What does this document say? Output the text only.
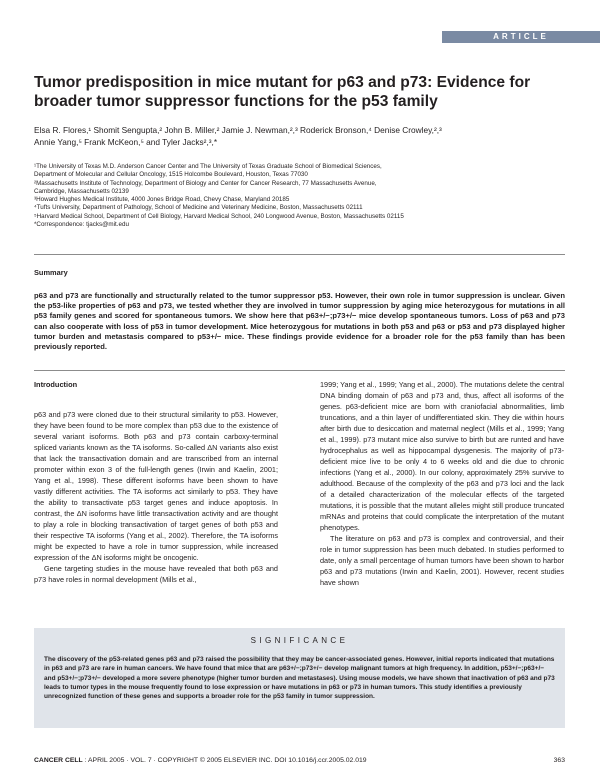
ARTICLE
Tumor predisposition in mice mutant for p63 and p73: Evidence for broader tumor suppressor functions for the p53 family
Elsa R. Flores,¹ Shomit Sengupta,² John B. Miller,² Jamie J. Newman,²,³ Roderick Bronson,⁴ Denise Crowley,²,³
Annie Yang,⁵ Frank McKeon,⁵ and Tyler Jacks²,³,*
¹The University of Texas M.D. Anderson Cancer Center and The University of Texas Graduate School of Biomedical Sciences,
Department of Molecular and Cellular Oncology, 1515 Holcombe Boulevard, Houston, Texas 77030
²Massachusetts Institute of Technology, Department of Biology and Center for Cancer Research, 77 Massachusetts Avenue,
Cambridge, Massachusetts 02139
³Howard Hughes Medical Institute, 4000 Jones Bridge Road, Chevy Chase, Maryland 20185
⁴Tufts University, Department of Pathology, School of Medicine and Veterinary Medicine, Boston, Massachusetts 02111
⁵Harvard Medical School, Department of Cell Biology, Harvard Medical School, 240 Longwood Avenue, Boston, Massachusetts 02115
*Correspondence: tjacks@mit.edu
Summary
p63 and p73 are functionally and structurally related to the tumor suppressor p53. However, their own role in tumor suppression is unclear. Given the p53-like properties of p63 and p73, we tested whether they are involved in tumor suppression by aging mice heterozygous for mutations in all p53 family genes and scored for spontaneous tumors. We show here that p63+/−;p73+/− mice develop spontaneous tumors. Loss of p63 and p73 can also cooperate with loss of p53 in tumor development. Mice heterozygous for mutations in both p53 and p63 or p53 and p73 displayed higher tumor burden and metastasis compared to p53+/− mice. These findings provide evidence for a broader role for the p53 family than has been previously reported.
Introduction

p63 and p73 were cloned due to their structural similarity to p53. However, they have been found to be more complex than p53 due to the existence of several variant isoforms. Both p63 and p73 contain carboxy-terminal spliced variants known as the TA isoforms. So-called ΔN variants also exist that lack the transactivation domain and are transcribed from an internal promoter within exon 3 of the full-length genes (Irwin and Kaelin, 2001; Yang et al., 1998). These different isoforms have been shown to have vastly different activities. The TA isoforms act similarly to p53. They have the ability to transactivate p53 target genes and induce apoptosis. In contrast, the ΔN isoforms have little transactivation activity and are thought to play a role in blocking transactivation of target genes of both p53 and their respective TA isoforms (Yang et al., 2002). Therefore, the TA isoforms might be expected to have a role in tumor suppression, while increased expression of the ΔN isoforms might be oncogenic.

Gene targeting studies in the mouse have revealed that both p63 and p73 have roles in normal development (Mills et al.,

1999; Yang et al., 1999; Yang et al., 2000). The mutations delete the central DNA binding domain of p63 and p73 and, thus, affect all isoforms of the genes. p63-deficient mice are born with craniofacial abnormalities, limb truncations, and a thin layer of undifferentiated skin. They die within hours after birth due to desiccation and maternal neglect (Mills et al., 1999; Yang et al., 1999). p73 mutant mice also survive to birth but are runted and have hydrocephalus as well as hippocampal dysgenesis. The majority of p73-deficient mice live to be only 4 to 6 weeks old and die due to chronic infections (Yang et al., 2000). In our colony, approximately 25% survive to adulthood. Because of the complexity of the p63 and p73 loci and the lack of a detailed characterization of the molecular effects of the targeted mutations, it is possible that the mutant alleles might still produce truncated mRNAs and proteins that could complicate the interpretation of the mutant phenotypes.

The literature on p63 and p73 is complex and controversial, and their role in tumor suppression has been much debated. In studies performed to date, only a small percentage of human tumors have been shown to harbor p63 and p73 mutations (Irwin and Kaelin, 2001). However, recent studies have shown

SIGNIFICANCE
The discovery of the p53-related genes p63 and p73 raised the possibility that they may be cancer-associated genes. However, initial reports indicated that mutations in p63 and p73 are rare in human cancers. We have found that mice that are p63+/−;p73+/− develop malignant tumors at high frequency. In addition, p53+/−;p63+/− and p53+/−;p73+/− developed a more severe phenotype (higher tumor burden and metastases). Using mouse models, we have shown that inactivation of p63 and p73 leads to tumor types in the mouse frequently found to lose expression or have mutations in p63 or p73 in human tumors. This study identifies a previously unrecognized function of these genes and supports a broader role for the p53 family in tumor suppression.
CANCER CELL : APRIL 2005 · VOL. 7 · COPYRIGHT © 2005 ELSEVIER INC. DOI 10.1016/j.ccr.2005.02.019	363
